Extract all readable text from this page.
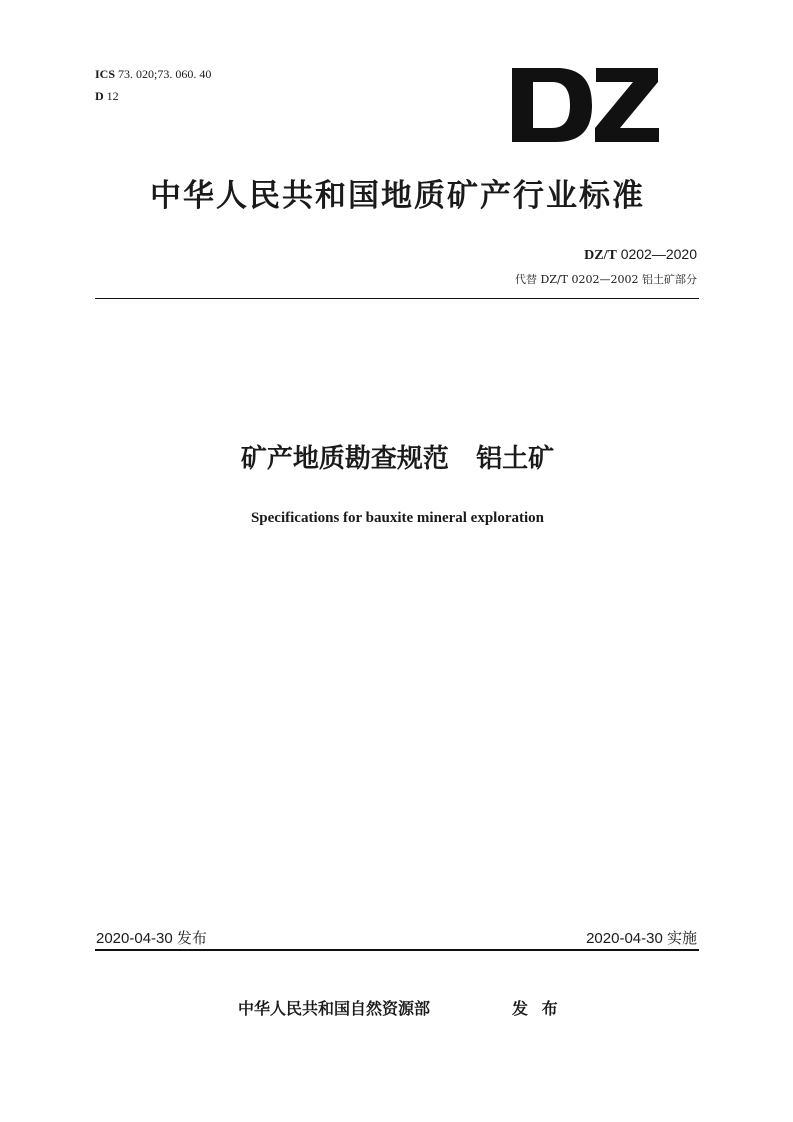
ICS 73. 020;73. 060. 40
D 12
中华人民共和国地质矿产行业标准
DZ/T 0202—2020
代替 DZ/T 0202—2002 铝土矿部分
矿产地质勘查规范   铝土矿
Specifications for bauxite mineral exploration
2020-04-30 发布	2020-04-30 实施
中华人民共和国自然资源部	发 布
